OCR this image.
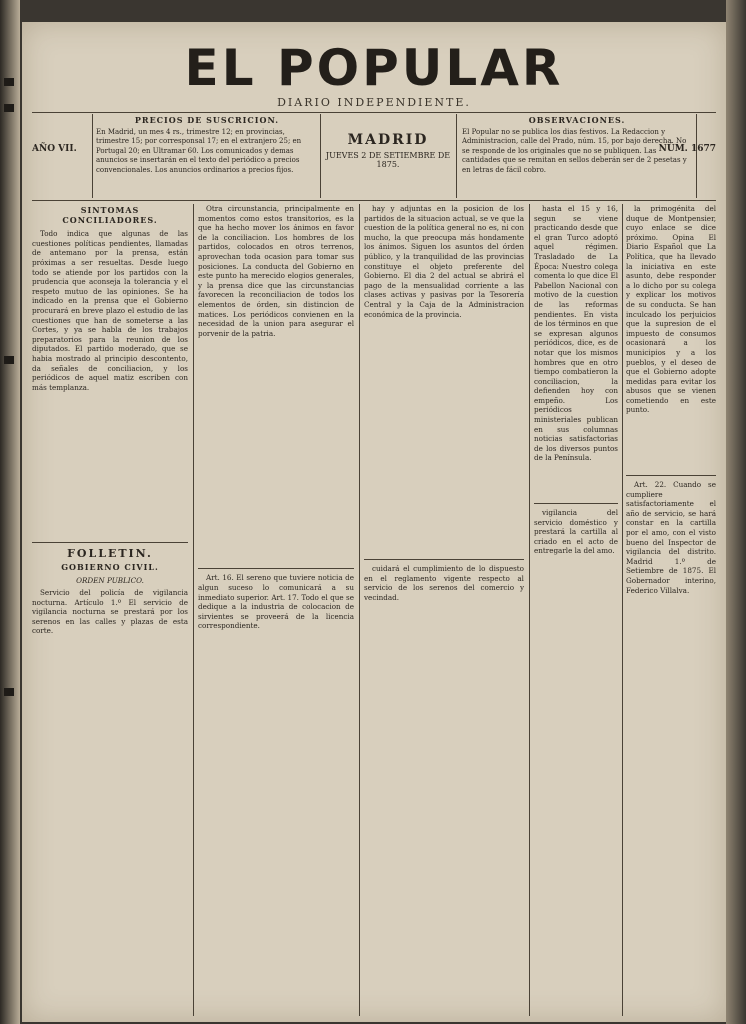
EL POPULAR
DIARIO INDEPENDIENTE.
AÑO VII.
PRECIOS DE SUSCRICION.
En Madrid, un mes 4 rs., trimestre 12; en provincias, trimestre 15; por corresponsal 17; en el extranjero 25; en Portugal 20; en Ultramar 60. Los comunicados y demas anuncios se insertarán en el texto del periódico a precios convencionales. Los anuncios ordinarios a precios fijos.
MADRID
JUEVES 2 DE SETIEMBRE DE 1875.
OBSERVACIONES.
El Popular no se publica los dias festivos. La Redaccion y Administracion, calle del Prado, núm. 15, por bajo derecha. No se responde de los originales que no se publiquen. Las cantidades que se remitan en sellos deberán ser de 2 pesetas y en letras de fácil cobro.
NÚM. 1677
SINTOMAS CONCILIADORES.

Todo indica que algunas de las cuestiones políticas pendientes, llamadas de antemano por la prensa, están próximas a ser resueltas. Desde luego todo se atiende por los partidos con la prudencia que aconseja la tolerancia y el respeto mutuo de las opiniones. Se ha indicado en la prensa que el Gobierno procurará en breve plazo el estudio de las cuestiones que han de someterse a las Cortes, y ya se habla de los trabajos preparatorios para la reunion de los diputados. El partido moderado, que se habia mostrado al principio descontento, da señales de conciliacion, y los periódicos de aquel matiz escriben con más templanza.

FOLLETIN.
GOBIERNO CIVIL.
ORDEN PUBLICO.

Servicio del policía de vigilancia nocturna. Artículo 1.º El servicio de vigilancia nocturna se prestará por los serenos en las calles y plazas de esta corte.

Otra circunstancia, principalmente en momentos como estos transitorios, es la que ha hecho mover los ánimos en favor de la conciliacion. Los hombres de los partidos, colocados en otros terrenos, aprovechan toda ocasion para tomar sus posiciones. La conducta del Gobierno en este punto ha merecido elogios generales, y la prensa dice que las circunstancias favorecen la reconciliacion de todos los elementos de órden, sin distincion de matices. Los periódicos convienen en la necesidad de la union para asegurar el porvenir de la patria.

Art. 16. El sereno que tuviere noticia de algun suceso lo comunicará a su inmediato superior. Art. 17. Todo el que se dedique a la industria de colocacion de sirvientes se proveerá de la licencia correspondiente.

hay y adjuntas en la posicion de los partidos de la situacion actual, se ve que la cuestion de la política general no es, ni con mucho, la que preocupa más hondamente los ánimos. Siguen los asuntos del órden público, y la tranquilidad de las provincias constituye el objeto preferente del Gobierno. El dia 2 del actual se abrirá el pago de la mensualidad corriente a las clases activas y pasivas por la Tesorería Central y la Caja de la Administracion económica de la provincia.

cuidará el cumplimiento de lo dispuesto en el reglamento vigente respecto al servicio de los serenos del comercio y vecindad.

hasta el 15 y 16, segun se viene practicando desde que el gran Turco adoptó aquel régimen. Trasladado de La Época: Nuestro colega comenta lo que dice El Pabellon Nacional con motivo de la cuestion de las reformas pendientes. En vista de los términos en que se expresan algunos periódicos, dice, es de notar que los mismos hombres que en otro tiempo combatieron la conciliacion, la defienden hoy con empeño. Los periódicos ministeriales publican en sus columnas noticias satisfactorias de los diversos puntos de la Península.

vigilancia del servicio doméstico y prestará la cartilla al criado en el acto de entregarle la del amo.

la primogénita del duque de Montpensier, cuyo enlace se dice próximo. Opina El Diario Español que La Política, que ha llevado la iniciativa en este asunto, debe responder a lo dicho por su colega y explicar los motivos de su conducta. Se han inculcado los perjuicios que la supresion de el impuesto de consumos ocasionará a los municipios y a los pueblos, y el deseo de que el Gobierno adopte medidas para evitar los abusos que se vienen cometiendo en este punto.

Art. 22. Cuando se cumpliere satisfactoriamente el año de servicio, se hará constar en la cartilla por el amo, con el visto bueno del Inspector de vigilancia del distrito. Madrid 1.º de Setiembre de 1875. El Gobernador interino, Federico Villalva.
